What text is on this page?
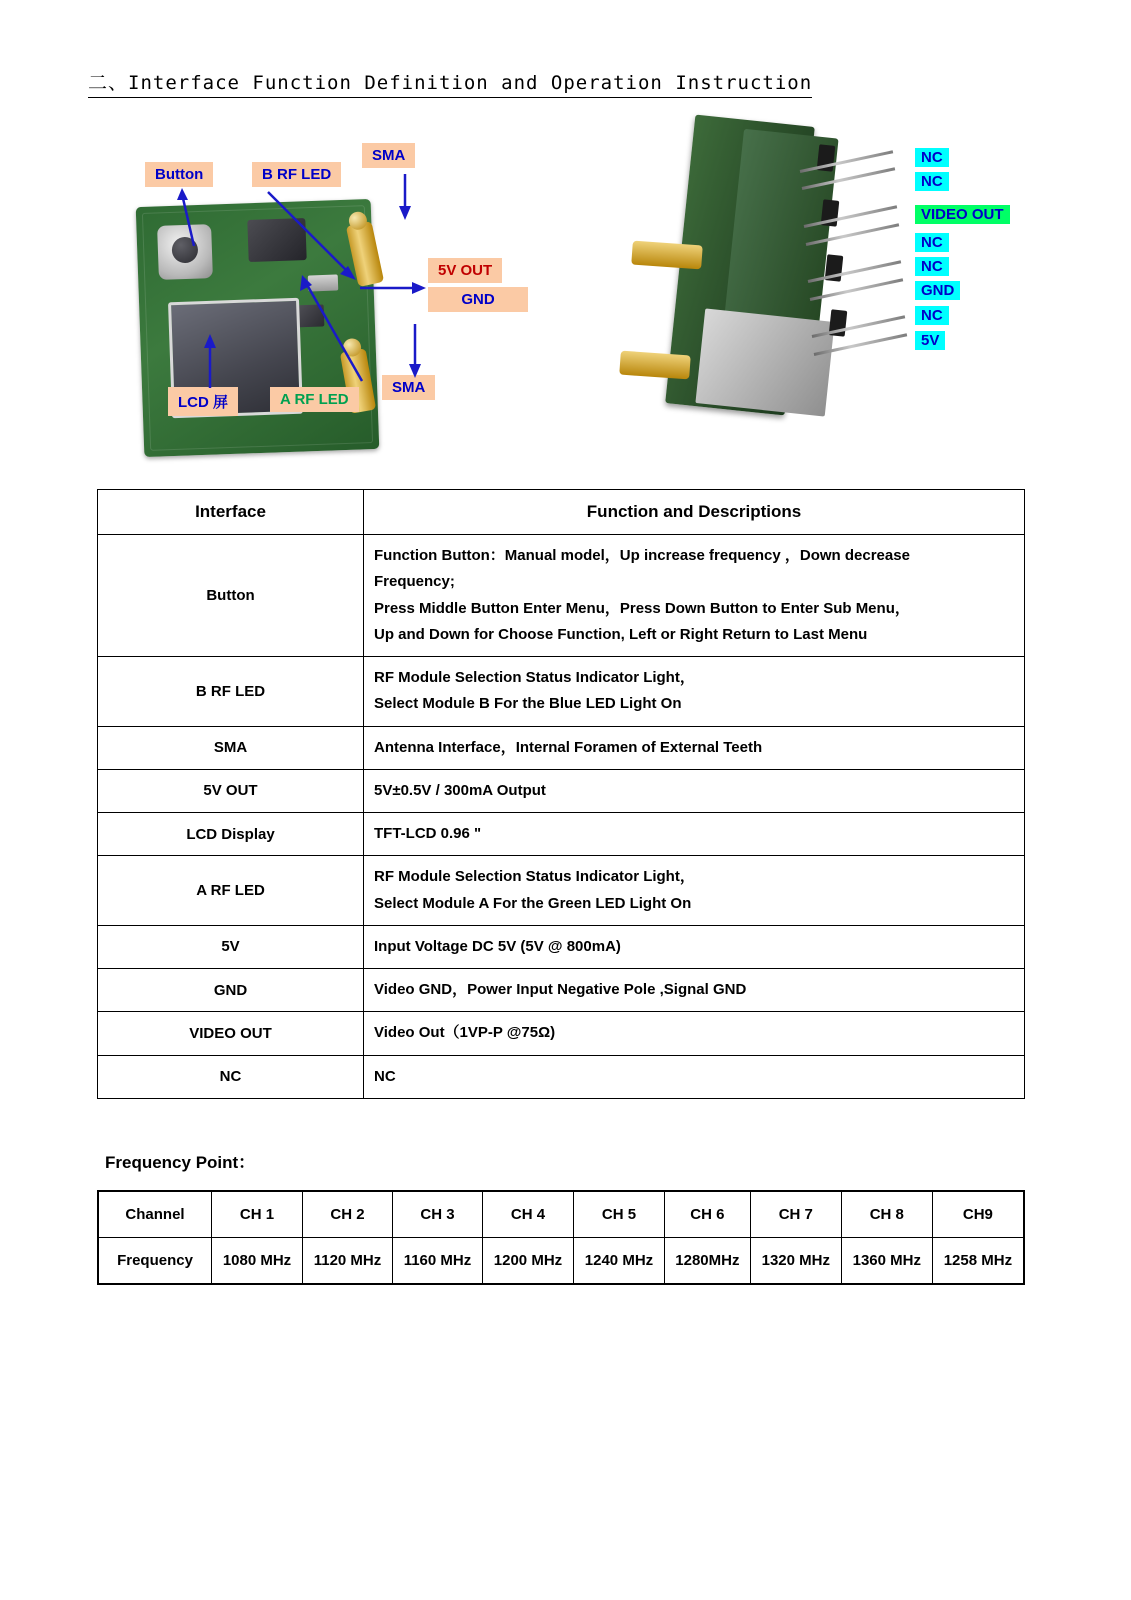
二、Interface Function Definition and Operation Instruction
Button	B RF LED
SMA
5V OUT
GND
LCD 屏	A RF LED
SMA
NC
NC
VIDEO OUT
NC
NC
GND
NC
5V
Interface	Function and Descriptions
Button	Function Button：Manual model，Up increase frequency ，Down decrease
Frequency;
Press Middle Button Enter Menu，Press Down Button to Enter Sub Menu，
Up and Down for Choose Function, Left or Right Return to Last Menu

B RF LED	RF Module Selection Status Indicator Light，
Select Module B For the Blue LED Light On

SMA	Antenna Interface，Internal Foramen of External Teeth

5V OUT	5V±0.5V / 300mA Output

LCD Display	TFT-LCD 0.96 "

A RF LED	RF Module Selection Status Indicator Light，
Select Module A For the Green LED Light On

5V	Input Voltage DC 5V (5V @ 800mA)

GND	Video GND，Power Input Negative Pole ,Signal GND

VIDEO OUT	Video Out（1VP-P @75Ω)

NC	NC
Frequency Point：
Channel	CH 1	CH 2	CH 3	CH 4	CH 5	CH 6	CH 7	CH 8	CH9
Frequency	1080 MHz	1120 MHz	1160 MHz	1200 MHz	1240 MHz	1280MHz	1320 MHz	1360 MHz	1258 MHz
